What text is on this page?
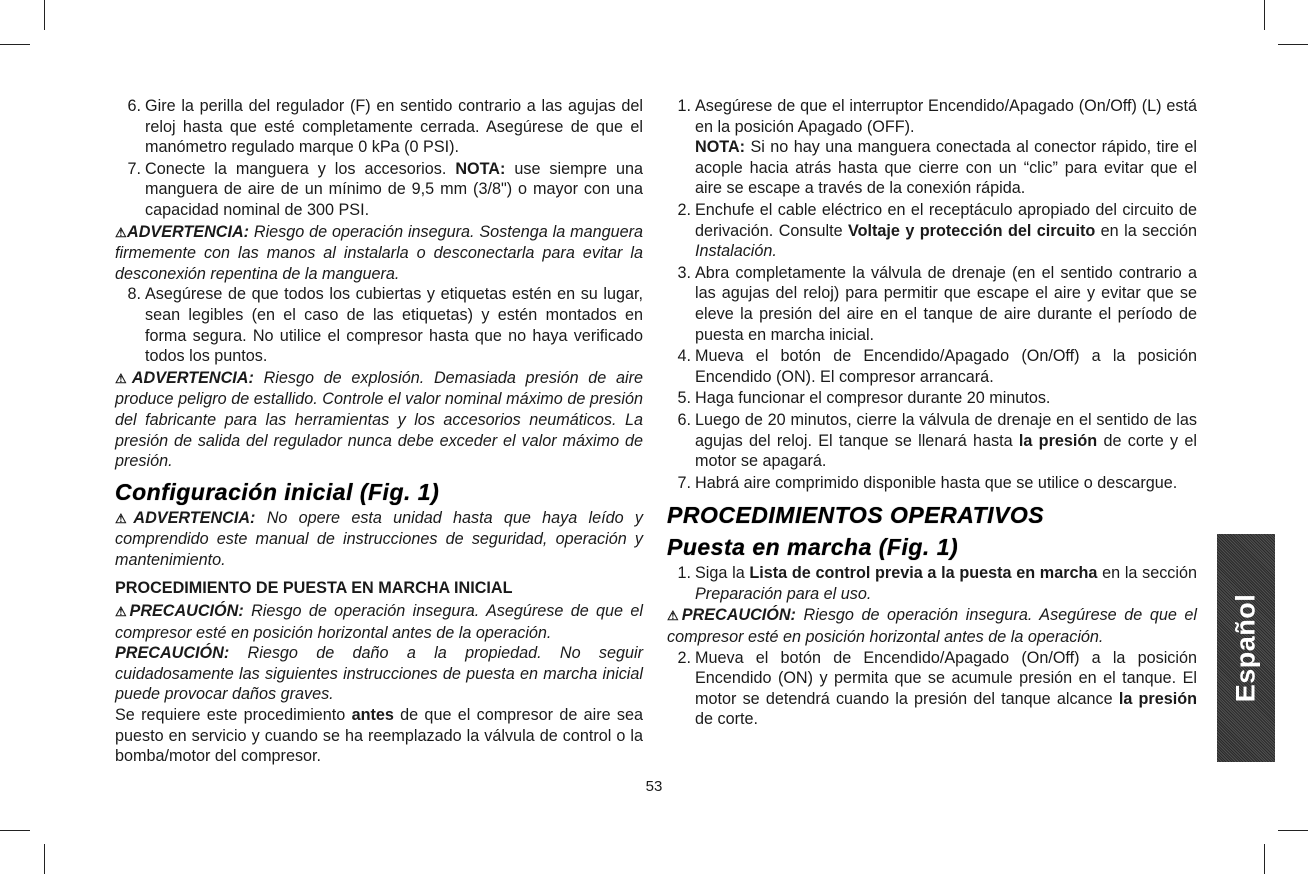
6. Gire la perilla del regulador (F) en sentido contrario a las agujas del reloj hasta que esté completamente cerrada. Asegúrese de que el manómetro regulado marque 0 kPa (0 PSI).
7. Conecte la manguera y los accesorios. NOTA: use siempre una manguera de aire de un mínimo de 9,5 mm (3/8") o mayor con una capacidad nominal de 300 PSI.

⚠ADVERTENCIA: Riesgo de operación insegura. Sostenga la manguera firmemente con las manos al instalarla o desconectarla para evitar la desconexión repentina de la manguera.

8. Asegúrese de que todos los cubiertas y etiquetas estén en su lugar, sean legibles (en el caso de las etiquetas) y estén montados en forma segura. No utilice el compresor hasta que no haya verificado todos los puntos.

⚠ADVERTENCIA: Riesgo de explosión. Demasiada presión de aire produce peligro de estallido. Controle el valor nominal máximo de presión del fabricante para las herramientas y los accesorios neumáticos. La presión de salida del regulador nunca debe exceder el valor máximo de presión.

Configuración inicial (Fig. 1)

⚠ADVERTENCIA: No opere esta unidad hasta que haya leído y comprendido este manual de instrucciones de seguridad, operación y mantenimiento.

PROCEDIMIENTO DE PUESTA EN MARCHA INICIAL

⚠PRECAUCIÓN: Riesgo de operación insegura. Asegúrese de que el compresor esté en posición horizontal antes de la operación.

PRECAUCIÓN: Riesgo de daño a la propiedad. No seguir cuidadosamente las siguientes instrucciones de puesta en marcha inicial puede provocar daños graves.

Se requiere este procedimiento antes de que el compresor de aire sea puesto en servicio y cuando se ha reemplazado la válvula de control o la bomba/motor del compresor.

1. Asegúrese de que el interruptor Encendido/Apagado (On/Off) (L) está en la posición Apagado (OFF).
NOTA: Si no hay una manguera conectada al conector rápido, tire el acople hacia atrás hasta que cierre con un “clic” para evitar que el aire se escape a través de la conexión rápida.
2. Enchufe el cable eléctrico en el receptáculo apropiado del circuito de derivación. Consulte Voltaje y protección del circuito en la sección Instalación.
3. Abra completamente la válvula de drenaje (en el sentido contrario a las agujas del reloj) para permitir que escape el aire y evitar que se eleve la presión del aire en el tanque de aire durante el período de puesta en marcha inicial.
4. Mueva el botón de Encendido/Apagado (On/Off) a la posición Encendido (ON). El compresor arrancará.
5. Haga funcionar el compresor durante 20 minutos.
6. Luego de 20 minutos, cierre la válvula de drenaje en el sentido de las agujas del reloj. El tanque se llenará hasta la presión de corte y el motor se apagará.
7. Habrá aire comprimido disponible hasta que se utilice o descargue.
PROCEDIMIENTOS OPERATIVOS
Puesta en marcha (Fig. 1)
1. Siga la Lista de control previa a la puesta en marcha en la sección Preparación para el uso.

⚠PRECAUCIÓN: Riesgo de operación insegura. Asegúrese de que el compresor esté en posición horizontal antes de la operación.

2. Mueva el botón de Encendido/Apagado (On/Off) a la posición Encendido (ON) y permita que se acumule presión en el tanque. El motor se detendrá cuando la presión del tanque alcance la presión de corte.
53
Español
